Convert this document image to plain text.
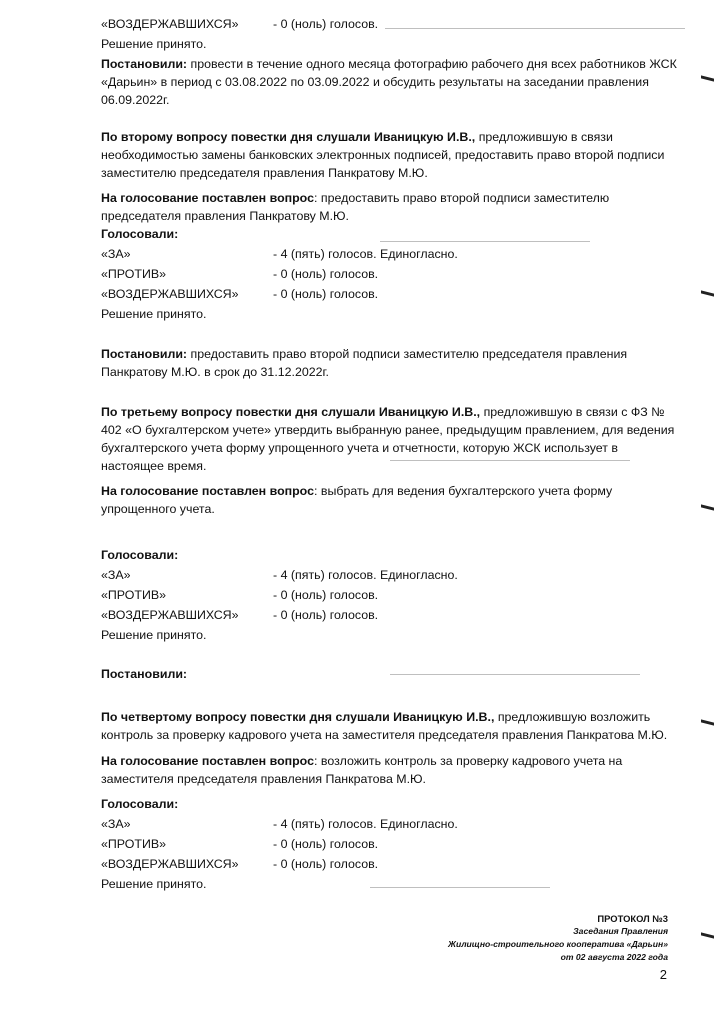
«ВОЗДЕРЖАВШИХСЯ»	- 0 (ноль) голосов.
Решение принято.

Постановили: провести в течение одного месяца фотографию рабочего дня всех работников ЖСК «Дарьин» в период с 03.08.2022 по 03.09.2022 и обсудить результаты на заседании правления 06.09.2022г.

По второму вопросу повестки дня слушали Иваницкую И.В., предложившую в связи необходимостью замены банковских электронных подписей, предоставить право второй подписи заместителю председателя правления Панкратову М.Ю.

На голосование поставлен вопрос: предоставить право второй подписи заместителю председателя правления Панкратову М.Ю.

Голосовали:
«ЗА»	- 4 (пять) голосов. Единогласно.
«ПРОТИВ»	- 0 (ноль) голосов.
«ВОЗДЕРЖАВШИХСЯ»	- 0 (ноль) голосов.
Решение принято.

Постановили: предоставить право второй подписи заместителю председателя правления Панкратову М.Ю. в срок до 31.12.2022г.

По третьему вопросу повестки дня слушали Иваницкую И.В., предложившую в связи с ФЗ № 402 «О бухгалтерском учете» утвердить выбранную ранее, предыдущим правлением, для ведения бухгалтерского учета форму упрощенного учета и отчетности, которую ЖСК использует в настоящее время.

На голосование поставлен вопрос: выбрать для ведения бухгалтерского учета форму упрощенного учета.

Голосовали:
«ЗА»	- 4 (пять) голосов. Единогласно.
«ПРОТИВ»	- 0 (ноль) голосов.
«ВОЗДЕРЖАВШИХСЯ»	- 0 (ноль) голосов.
Решение принято.

Постановили:

По четвертому вопросу повестки дня слушали Иваницкую И.В., предложившую возложить контроль за проверку кадрового учета на заместителя председателя правления Панкратова М.Ю.

На голосование поставлен вопрос: возложить контроль за проверку кадрового учета на заместителя председателя правления Панкратова М.Ю.

Голосовали:
«ЗА»	- 4 (пять) голосов. Единогласно.
«ПРОТИВ»	- 0 (ноль) голосов.
«ВОЗДЕРЖАВШИХСЯ»	- 0 (ноль) голосов.
Решение принято.
ПРОТОКОЛ №3
Заседания Правления
Жилищно-строительного кооператива «Дарьин»
от 02 августа 2022 года
2
